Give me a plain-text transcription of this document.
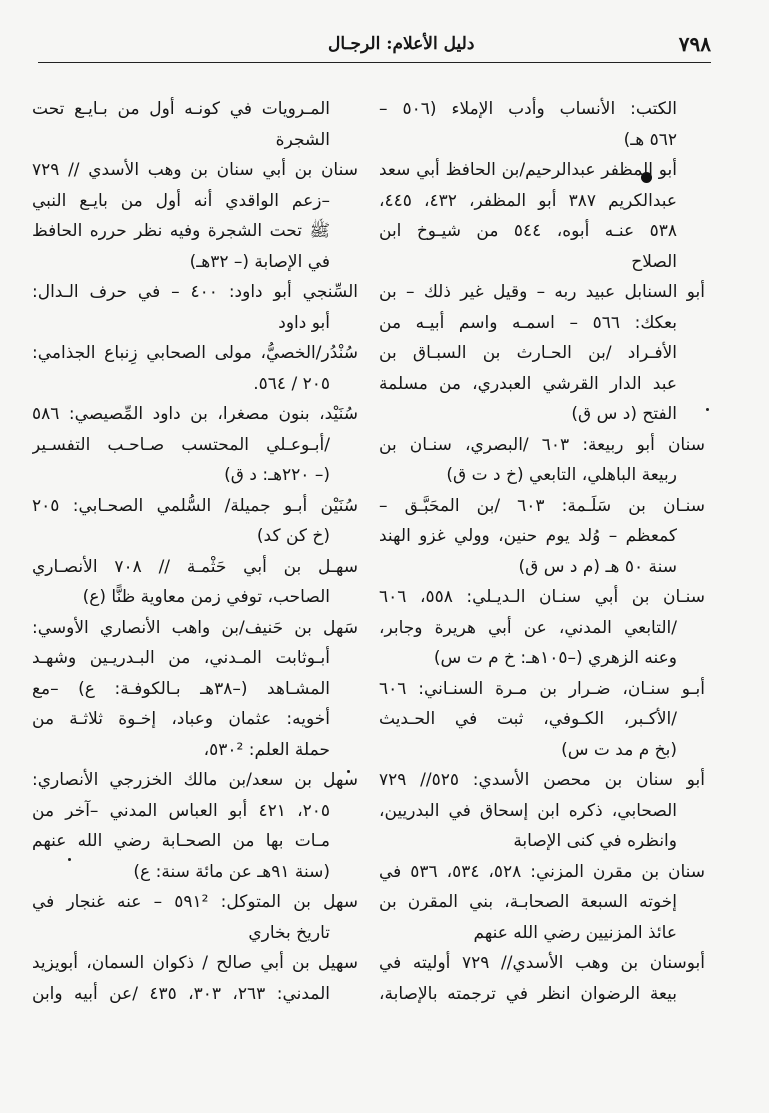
٧٩٨
دليل الأعلام: الرجـال
الكتب: الأنساب وأدب الإملاء (٥٠٦ –
٥٦٢ هـ)
أبو المظفر عبدالرحيم/بن الحافظ أبي سعد
عبدالكريم ٣٨٧ أبو المظفر، ٤٣٢، ٤٤٥،
٥٣٨ عنـه أبوه، ٥٤٤ من شيـوخ ابن
الصلاح
أبو السنابل عبيد ربه – وقيل غير ذلك – بن
بعكك: ٥٦٦ – اسمـه واسم أبيـه من
الأفـراد /بن الحـارث بن السبـاق بن
عبد الدار القرشي العبدري، من مسلمة
الفتح (د س ق)
سنان أبو ربيعة: ٦٠٣ /البصري، سنـان بن
ربيعة الباهلي، التابعي (خ د ت ق)
سنـان بن سَلَـمة: ٦٠٣ /بن المحَبَّـق –
كمعظم – وُلد يوم حنين، وولي غزو الهند
سنة ٥٠ هـ (م د س ق)
سنـان بن أبي سنـان الـديـلي: ٥٥٨، ٦٠٦
/التابعي المدني، عن أبي هريرة وجابر،
وعنه الزهري (–١٠٥هـ: خ م ت س)
أبـو سنـان، ضـرار بن مـرة السنـاني: ٦٠٦
/الأكـبر، الكـوفي، ثبت في الحـديث
(بخ م مد ت س)
أبو سنان بن محصن الأسدي: ٥٢٥// ٧٢٩
الصحابي، ذكره ابن إسحاق في البدريين،
وانظره في كنى الإصابة
سنان بن مقرن المزني: ٥٢٨، ٥٣٤، ٥٣٦ في
إخوته السبعة الصحابـة، بني المقرن بن
عائذ المزنيين رضي الله عنهم
أبوسنان بن وهب الأسدي// ٧٢٩ أوليته في
بيعة الرضوان انظر في ترجمته بالإصابة،
المـرويات في كونـه أول من بـايـع تحت
الشجرة
سنان بن أبي سنان بن وهب الأسدي // ٧٢٩
–زعم الواقدي أنه أول من بايـع النبي
ﷺ تحت الشجرة وفيه نظر حرره الحافظ
في الإصابة (– ٣٢هـ)
السِّنجي أبو داود: ٤٠٠ – في حرف الـدال:
أبو داود
سُنْدُر/الخصيُّ، مولى الصحابي زِنباع الجذامي:
٢٠٥ / ٥٦٤.
سُنَيْد، بنون مصغرا، بن داود المِّصيصي: ٥٨٦
/أبـوعـلي المحتسب صـاحـب التفسـير
(– ٢٢٠هـ: د ق)
سُنَيْن أبـو جميلة/ السُّلمي الصحـابي: ٢٠٥
(خ كن كد)
سهـل بن أبي حَثْمـة // ٧٠٨ الأنصـاري
الصاحب، توفي زمن معاوية ظنًّا (ع)
سَهل بن حَنيف/بن واهب الأنصاري الأوسي:
أبـوثابت المـدني، من البـدريـين وشهـد
المشـاهد (–٣٨هـ بـالكوفـة: ع) –مع
أخويه: عثمان وعباد، إخـوة ثلاثـة من
حملة العلم: ٥٣٠²،
سهل بن سعد/بن مالك الخزرجي الأنصاري:
٢٠٥، ٤٢١ أبو العباس المدني –آخر من
مـات بها من الصحـابة رضي الله عنهم
(سنة ٩١هـ عن مائة سنة: ع)
سهل بن المتوكل: ٥٩١² – عنه غنجار في
تاريخ بخاري
سهيل بن أبي صالح / ذكوان السمان، أبويزيد
المدني: ٢٦٣، ٣٠٣، ٤٣٥ /عن أبيه وابن
